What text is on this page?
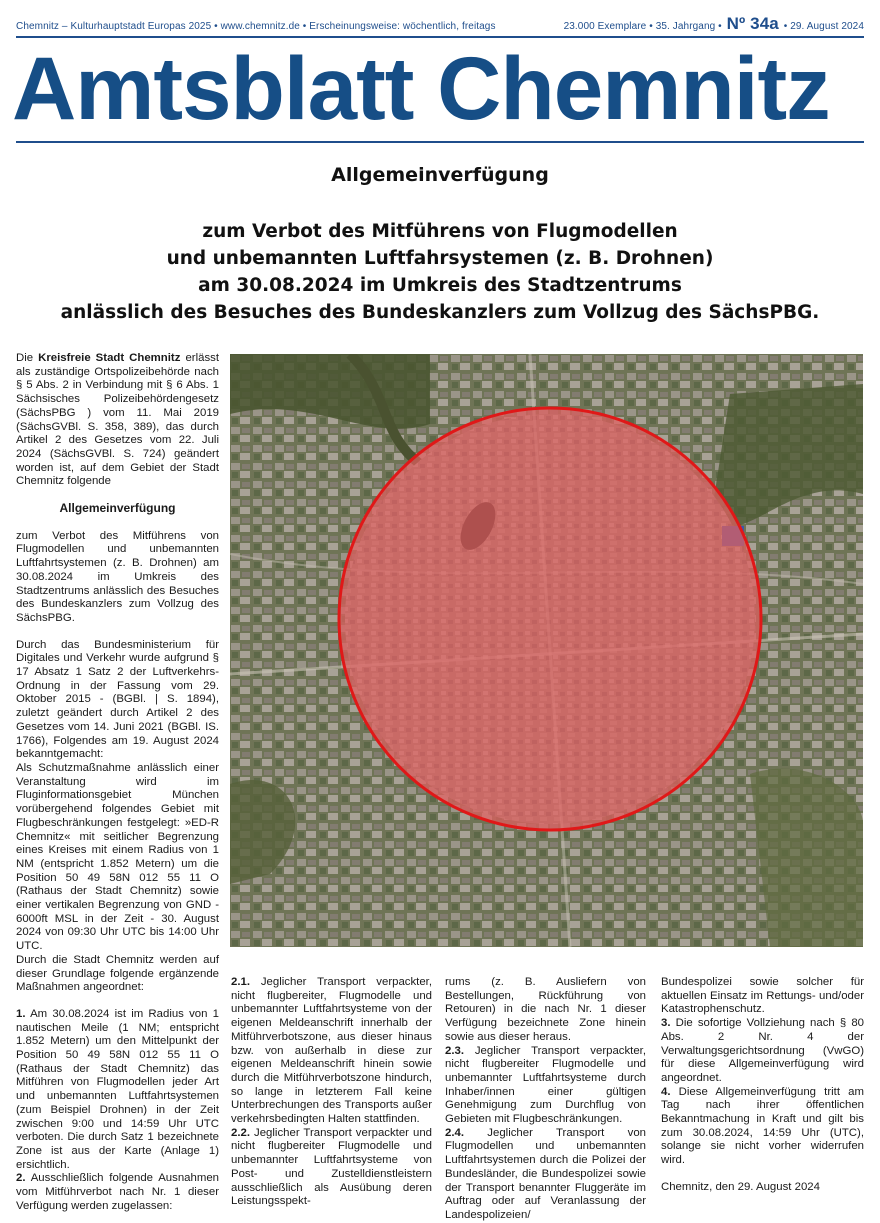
Chemnitz – Kulturhauptstadt Europas 2025 • www.chemnitz.de • Erscheinungsweise: wöchentlich, freitags	23.000 Exemplare • 35. Jahrgang • Nº 34a • 29. August 2024
Amtsblatt Chemnitz
Allgemeinverfügung
zum Verbot des Mitführens von Flugmodellen
und unbemannten Luftfahrsystemen (z. B. Drohnen)
am 30.08.2024 im Umkreis des Stadtzentrums
anlässlich des Besuches des Bundeskanzlers zum Vollzug des SächsPBG.

Die Kreisfreie Stadt Chemnitz erlässt als zuständige Ortspolizeibehörde nach § 5 Abs. 2 in Verbindung mit § 6 Abs. 1 Sächsisches Polizeibehördengesetz (SächsPBG ) vom 11. Mai 2019 (SächsGVBl. S. 358, 389), das durch Artikel 2 des Gesetzes vom 22. Juli 2024 (SächsGVBl. S. 724) geändert worden ist, auf dem Gebiet der Stadt Chemnitz folgende

Allgemeinverfügung

zum Verbot des Mitführens von Flugmodellen und unbemannten Luftfahrtsystemen (z. B. Drohnen) am 30.08.2024 im Umkreis des Stadtzentrums anlässlich des Besuches des Bundeskanzlers zum Vollzug des SächsPBG.

Durch das Bundesministerium für Digitales und Verkehr wurde aufgrund § 17 Absatz 1 Satz 2 der Luftverkehrs-Ordnung in der Fassung vom 29. Oktober 2015 - (BGBl. | S. 1894), zuletzt geändert durch Artikel 2 des Gesetzes vom 14. Juni 2021 (BGBl. IS. 1766), Folgendes am 19. August 2024 bekanntgemacht:

Als Schutzmaßnahme anlässlich einer Veranstaltung wird im Fluginformationsgebiet München vorübergehend folgendes Gebiet mit Flugbeschränkungen festgelegt: »ED-R Chemnitz« mit seitlicher Begrenzung eines Kreises mit einem Radius von 1 NM (entspricht 1.852 Metern) um die Position 50 49 58N 012 55 11 O (Rathaus der Stadt Chemnitz) sowie einer vertikalen Begrenzung von GND - 6000ft MSL in der Zeit - 30. August 2024 von 09:30 Uhr UTC bis 14:00 Uhr UTC.

Durch die Stadt Chemnitz werden auf dieser Grundlage folgende ergänzende Maßnahmen angeordnet:

1. Am 30.08.2024 ist im Radius von 1 nautischen Meile (1 NM; entspricht 1.852 Metern) um den Mittelpunkt der Position 50 49 58N 012 55 11 O (Rathaus der Stadt Chemnitz) das Mitführen von Flugmodellen jeder Art und unbemannten Luftfahrtsystemen (zum Beispiel Drohnen) in der Zeit zwischen 9:00 und 14:59 Uhr UTC verboten. Die durch Satz 1 bezeichnete Zone ist aus der Karte (Anlage 1) ersichtlich.

2. Ausschließlich folgende Ausnahmen vom Mitführverbot nach Nr. 1 dieser Verfügung werden zugelassen:

2.1. Jeglicher Transport verpackter, nicht flugbereiter, Flugmodelle und unbemannter Luftfahrtsysteme von der eigenen Meldeanschrift innerhalb der Mitführverbotszone, aus dieser hinaus bzw. von außerhalb in diese zur eigenen Meldeanschrift hinein sowie durch die Mitführverbotszone hindurch, so lange in letzterem Fall keine Unterbrechungen des Transports außer verkehrsbedingten Halten stattfinden.

2.2. Jeglicher Transport verpackter und nicht flugbereiter Flugmodelle und unbemannter Luftfahrtsysteme von Post- und Zustelldienstleistern ausschließlich als Ausübung deren Leistungsspekt-

rums (z. B. Ausliefern von Bestellungen, Rückführung von Retouren) in die nach Nr. 1 dieser Verfügung bezeichnete Zone hinein sowie aus dieser heraus.

2.3. Jeglicher Transport verpackter, nicht flugbereiter Flugmodelle und unbemannter Luftfahrtsysteme durch Inhaber/innen einer gültigen Genehmigung zum Durchflug von Gebieten mit Flugbeschränkungen.

2.4. Jeglicher Transport von Flugmodellen und unbemannten Luftfahrtsystemen durch die Polizei der Bundesländer, die Bundespolizei sowie der Transport benannter Fluggeräte im Auftrag oder auf Veranlassung der Landespolizeien/

Bundespolizei sowie solcher für aktuellen Einsatz im Rettungs- und/oder Katastrophenschutz.

3. Die sofortige Vollziehung nach § 80 Abs. 2 Nr. 4 der Verwaltungsgerichtsordnung (VwGO) für diese Allgemeinverfügung wird angeordnet.

4. Diese Allgemeinverfügung tritt am Tag nach ihrer öffentlichen Bekanntmachung in Kraft und gilt bis zum 30.08.2024, 14:59 Uhr (UTC), solange sie nicht vorher widerrufen wird.

Chemnitz, den 29. August 2024
